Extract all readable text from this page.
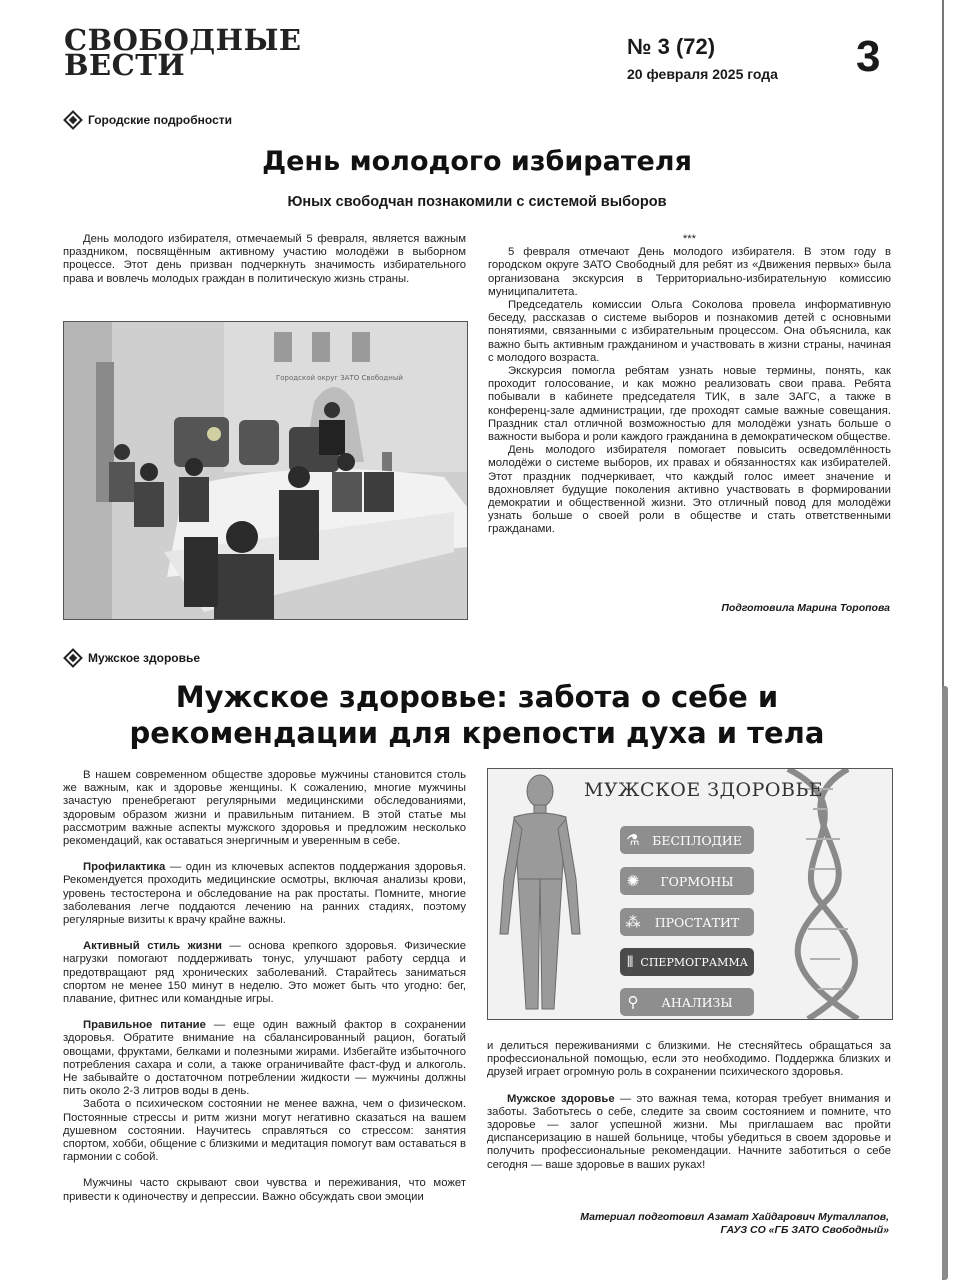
СВОБОДНЫЕ
ВЕСТИ
№ 3 (72)
20 февраля 2025 года 3
Городские подробности
День молодого избирателя
Юных свободчан познакомили с системой выборов

День молодого избирателя, отмечаемый 5 февраля, является важным праздником, посвящённым активному участию молодёжи в выборном процессе. Этот день призван подчеркнуть значимость избирательного права и вовлечь молодых граждан в политическую жизнь страны.

Городской округ ЗАТО Свободный
***

5 февраля отмечают День молодого избирателя. В этом году в городском округе ЗАТО Свободный для ребят из «Движения первых» была организована экскурсия в Территориально-избирательную комиссию муниципалитета.

Председатель комиссии Ольга Соколова провела информативную беседу, рассказав о системе выборов и познакомив детей с основными понятиями, связанными с избирательным процессом. Она объяснила, как важно быть активным гражданином и участвовать в жизни страны, начиная с молодого возраста.

Экскурсия помогла ребятам узнать новые термины, понять, как проходит голосование, и как можно реализовать свои права. Ребята побывали в кабинете председателя ТИК, в зале ЗАГС, а также в конференц-зале администрации, где проходят самые важные совещания. Праздник стал отличной возможностью для молодёжи узнать больше о важности выбора и роли каждого гражданина в демократическом обществе.

День молодого избирателя помогает повысить осведомлённость молодёжи о системе выборов, их правах и обязанностях как избирателей. Этот праздник подчеркивает, что каждый голос имеет значение и вдохновляет будущие поколения активно участвовать в формировании демократии и общественной жизни. Это отличный повод для молодёжи узнать больше о своей роли в обществе и стать ответственными гражданами.

Подготовила Марина Торопова
Мужское здоровье
Мужское здоровье: забота о себе и
рекомендации для крепости духа и тела

В нашем современном обществе здоровье мужчины становится столь же важным, как и здоровье женщины. К сожалению, многие мужчины зачастую пренебрегают регулярными медицинскими обследованиями, здоровым образом жизни и правильным питанием. В этой статье мы рассмотрим важные аспекты мужского здоровья и предложим несколько рекомендаций, как оставаться энергичным и уверенным в себе.

Профилактика — один из ключевых аспектов поддержания здоровья. Рекомендуется проходить медицинские осмотры, включая анализы крови, уровень тестостерона и обследование на рак простаты. Помните, многие заболевания легче поддаются лечению на ранних стадиях, поэтому регулярные визиты к врачу крайне важны.

Активный стиль жизни — основа крепкого здоровья. Физические нагрузки помогают поддерживать тонус, улучшают работу сердца и предотвращают ряд хронических заболеваний. Старайтесь заниматься спортом не менее 150 минут в неделю. Это может быть что угодно: бег, плавание, фитнес или командные игры.

Правильное питание — еще один важный фактор в сохранении здоровья. Обратите внимание на сбалансированный рацион, богатый овощами, фруктами, белками и полезными жирами. Избегайте избыточного потребления сахара и соли, а также ограничивайте фаст-фуд и алкоголь. Не забывайте о достаточном потреблении жидкости — мужчины должны пить около 2-3 литров воды в день.

Забота о психическом состоянии не менее важна, чем о физическом. Постоянные стрессы и ритм жизни могут негативно сказаться на вашем душевном состоянии. Научитесь справляться со стрессом: занятия спортом, хобби, общение с близкими и медитация помогут вам оставаться в гармонии с собой.

Мужчины часто скрывают свои чувства и переживания, что может привести к одиночеству и депрессии. Важно обсуждать свои эмоции

МУЖСКОЕ ЗДОРОВЬЕ
⚗ БЕСПЛОДИЕ
✺	ГОРМОНЫ
⁂	ПРОСТАТИТ
⫴ СПЕРМОГРАММА
⚲	АНАЛИЗЫ

и делиться переживаниями с близкими. Не стесняйтесь обращаться за профессиональной помощью, если это необходимо. Поддержка близких и друзей играет огромную роль в сохранении психического здоровья.

Мужское здоровье — это важная тема, которая требует внимания и заботы. Заботьтесь о себе, следите за своим состоянием и помните, что здоровье — залог успешной жизни. Мы приглашаем вас пройти диспансеризацию в нашей больнице, чтобы убедиться в своем здоровье и получить профессиональные рекомендации. Начните заботиться о себе сегодня — ваше здоровье в ваших руках!

Материал подготовил Азамат Хайдарович Муталлапов,
ГАУЗ СО «ГБ ЗАТО Свободный»
